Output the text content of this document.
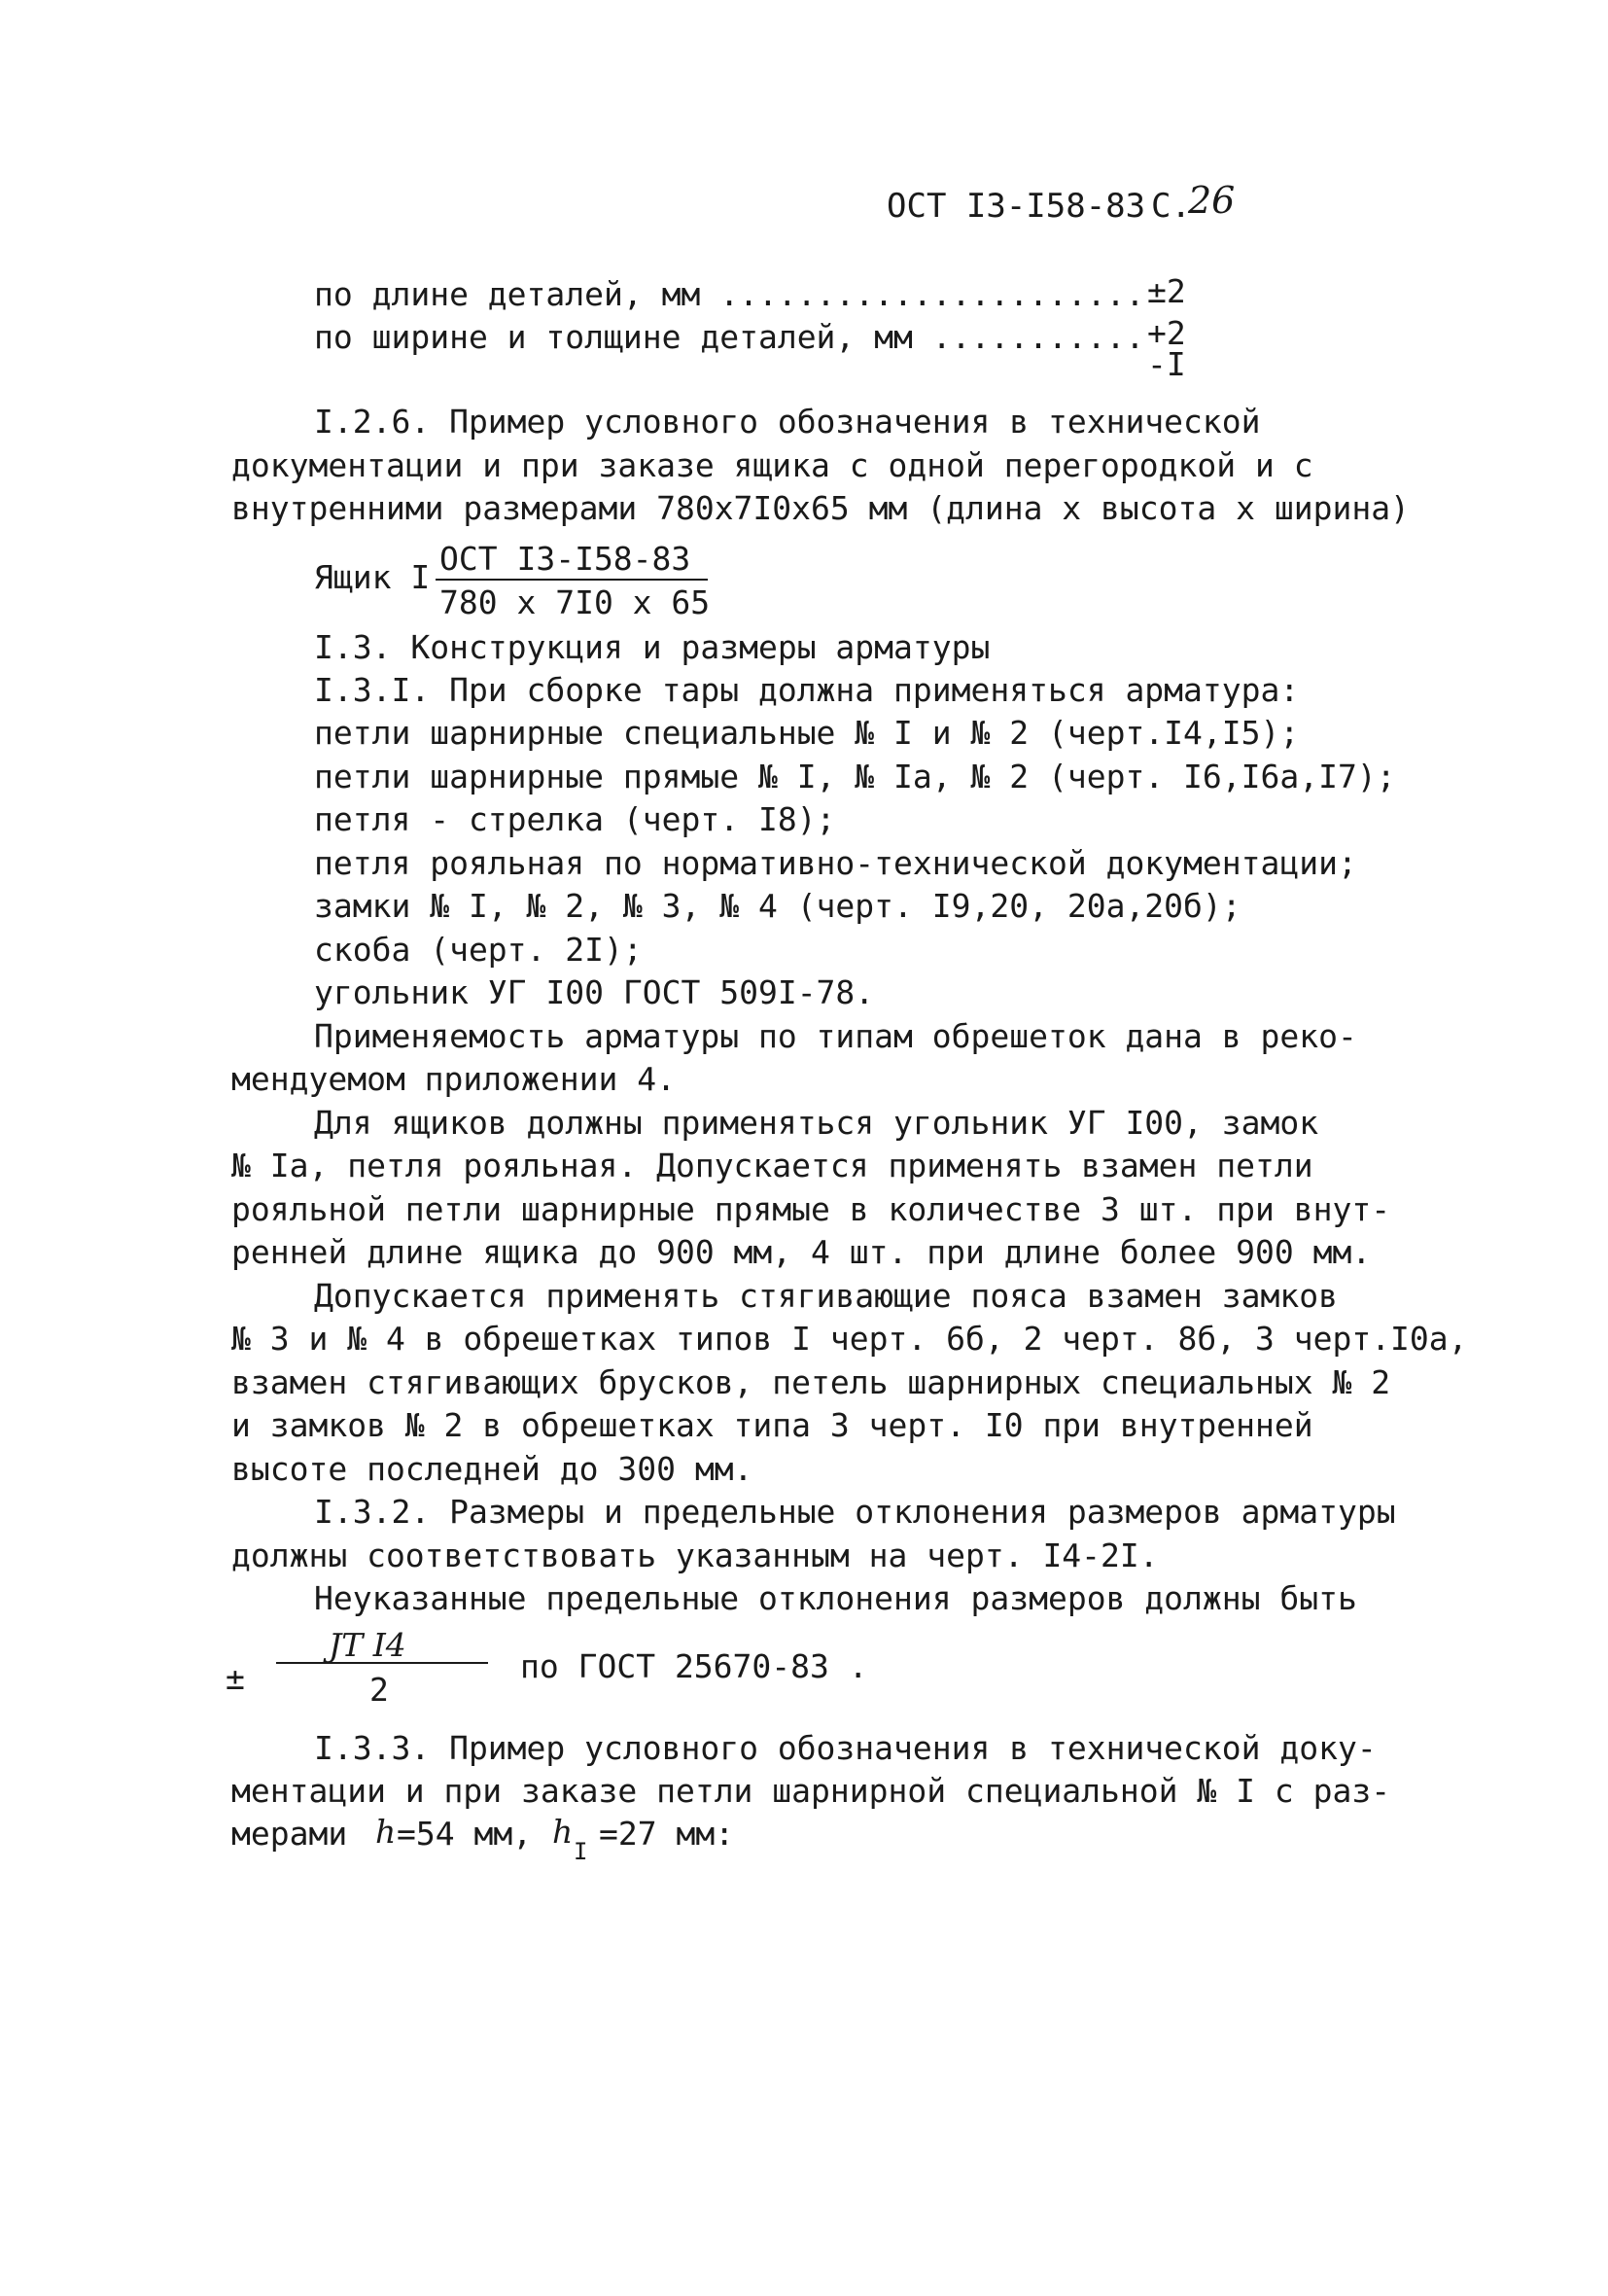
ОСТ I3-I58-83 С.
26
по длине деталей, мм ...................... ±2
по ширине и толщине деталей, мм ........... +2
-I
I.2.6. Пример условного обозначения в технической
документации и при заказе ящика с одной перегородкой и с
внутренними размерами 780х7I0х65 мм (длина х высота х ширина)
Ящик I ОСТ I3-I58-83
780 х 7I0 х 65
I.3. Конструкция и размеры арматуры
I.3.I. При сборке тары должна применяться арматура:
петли шарнирные специальные № I и № 2 (черт.I4,I5);
петли шарнирные прямые № I, № Iа, № 2 (черт. I6,I6а,I7);
петля - стрелка (черт. I8);
петля рояльная по нормативно-технической документации;
замки № I, № 2, № 3, № 4 (черт. I9,20, 20а,20б);
скоба (черт. 2I);
угольник УГ I00 ГОСТ 509I-78.
Применяемость арматуры по типам обрешеток дана в реко-
мендуемом приложении 4.
Для ящиков должны применяться угольник УГ I00, замок
№ Iа, петля рояльная. Допускается применять взамен петли
рояльной петли шарнирные прямые в количестве 3 шт. при внут-
ренней длине ящика до 900 мм, 4 шт. при длине более 900 мм.
Допускается применять стягивающие пояса взамен замков
№ 3 и № 4 в обрешетках типов I черт. 6б, 2 черт. 8б, 3 черт.I0а,
взамен стягивающих брусков, петель шарнирных специальных № 2
и замков № 2 в обрешетках типа 3 черт. I0 при внутренней
высоте последней до 300 мм.
I.3.2. Размеры и предельные отклонения размеров арматуры
должны соответствовать указанным на черт. I4-2I.
Неуказанные предельные отклонения размеров должны быть
±
JT I4
2
по ГОСТ 25670-83 .
I.3.3. Пример условного обозначения в технической доку-
ментации и при заказе петли шарнирной специальной № I с раз-
мерами h =54 мм, h
I =27 мм:
